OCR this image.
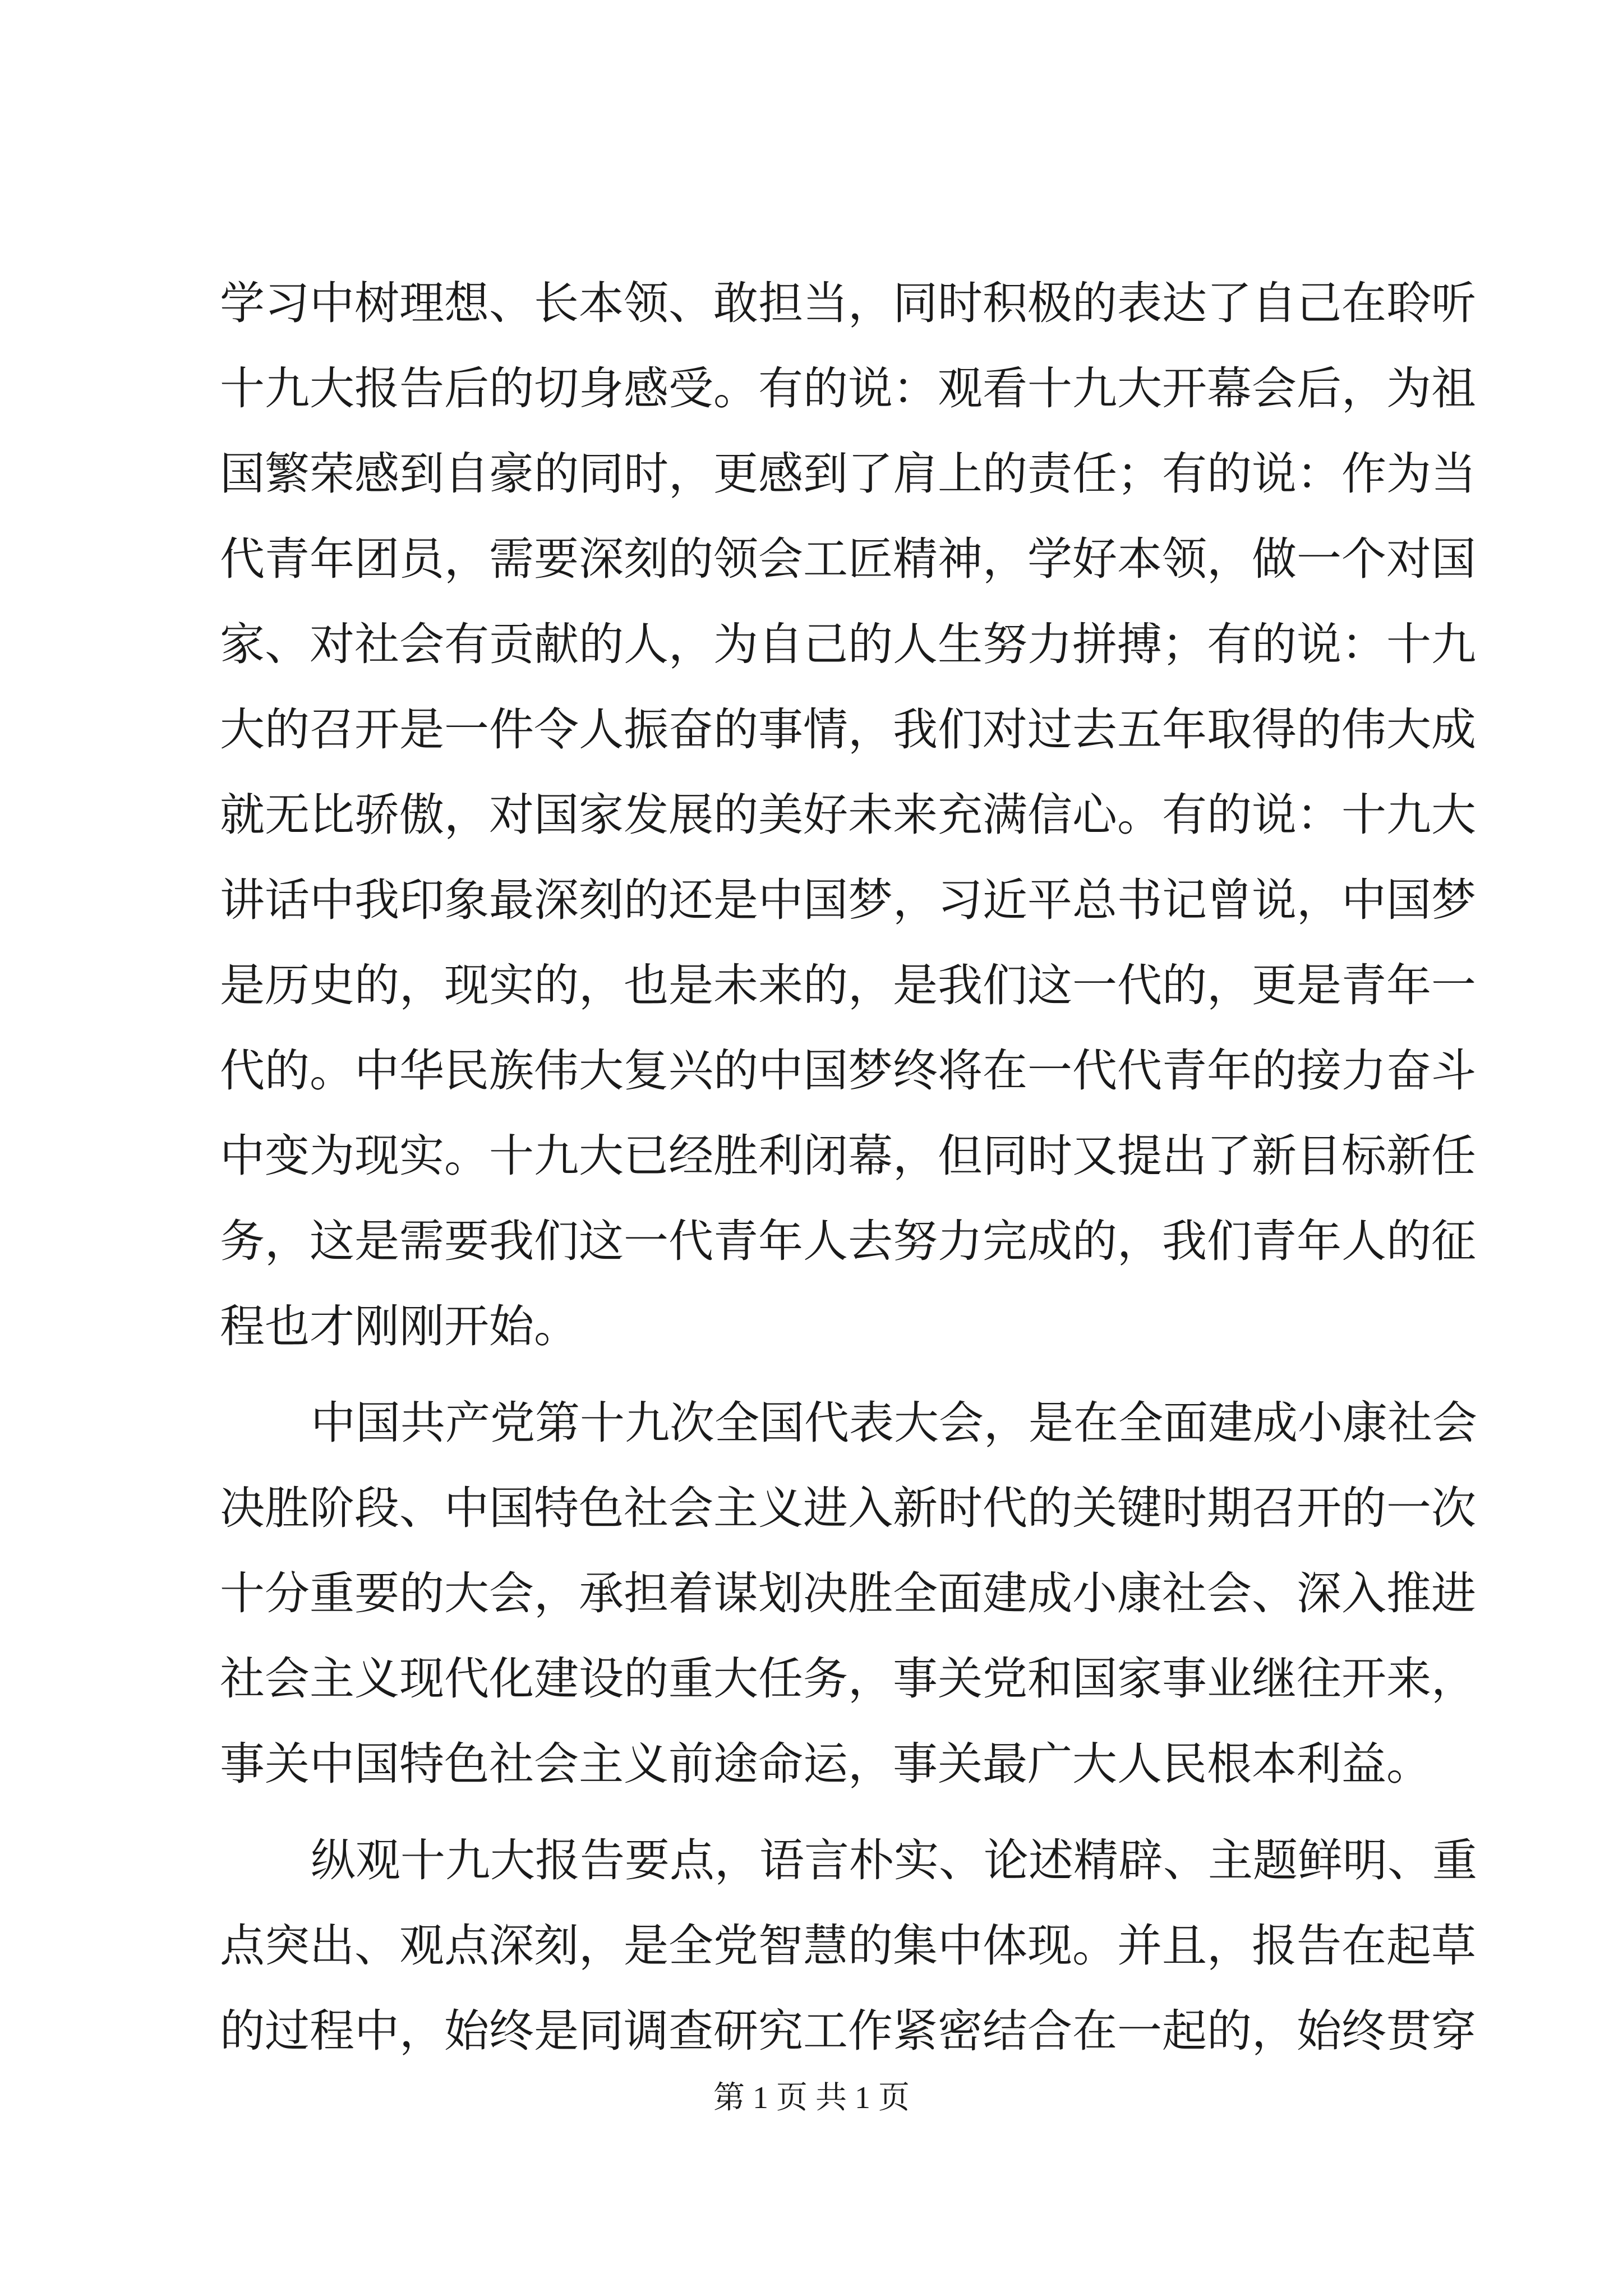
学习中树理想、长本领、敢担当，同时积极的表达了自己在聆听
十九大报告后的切身感受。有的说：观看十九大开幕会后，为祖
国繁荣感到自豪的同时，更感到了肩上的责任；有的说：作为当
代青年团员，需要深刻的领会工匠精神，学好本领，做一个对国
家、对社会有贡献的人，为自己的人生努力拼搏；有的说：十九
大的召开是一件令人振奋的事情，我们对过去五年取得的伟大成
就无比骄傲，对国家发展的美好未来充满信心。有的说：十九大
讲话中我印象最深刻的还是中国梦，习近平总书记曾说，中国梦
是历史的，现实的，也是未来的，是我们这一代的，更是青年一
代的。中华民族伟大复兴的中国梦终将在一代代青年的接力奋斗
中变为现实。十九大已经胜利闭幕，但同时又提出了新目标新任
务，这是需要我们这一代青年人去努力完成的，我们青年人的征
程也才刚刚开始。
中国共产党第十九次全国代表大会，是在全面建成小康社会
决胜阶段、中国特色社会主义进入新时代的关键时期召开的一次
十分重要的大会，承担着谋划决胜全面建成小康社会、深入推进
社会主义现代化建设的重大任务，事关党和国家事业继往开来，
事关中国特色社会主义前途命运，事关最广大人民根本利益。
纵观十九大报告要点，语言朴实、论述精辟、主题鲜明、重
点突出、观点深刻，是全党智慧的集中体现。并且，报告在起草
的过程中，始终是同调查研究工作紧密结合在一起的，始终贯穿
第 1 页 共 1 页
